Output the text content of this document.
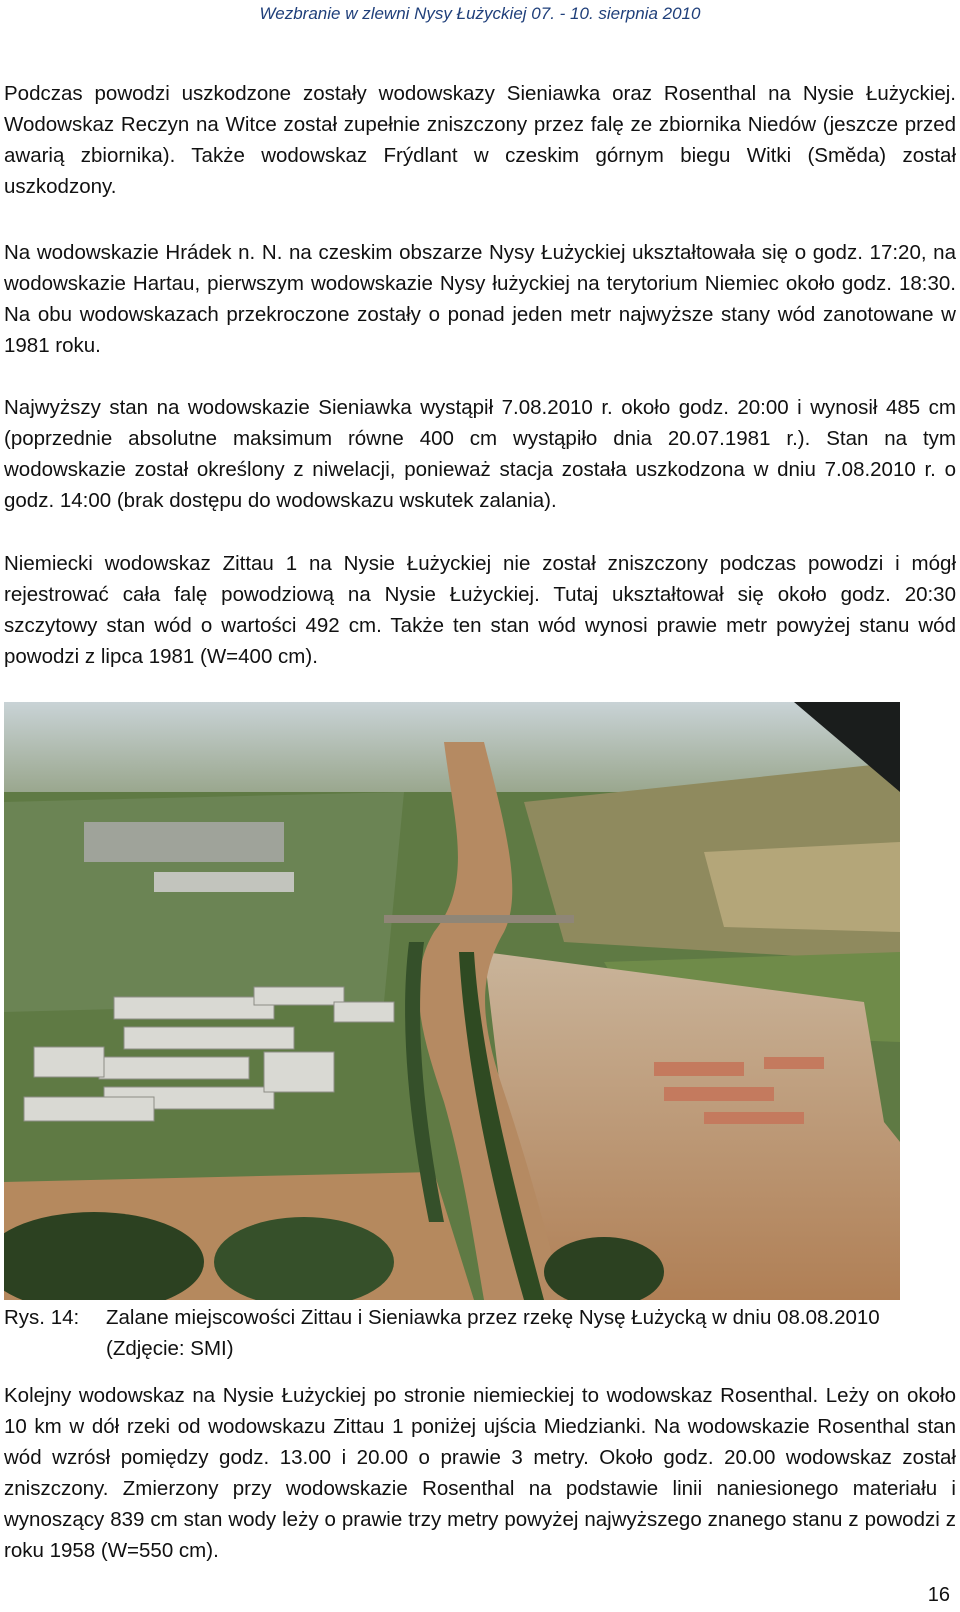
Wezbranie w zlewni Nysy Łużyckiej 07. - 10. sierpnia 2010

Podczas powodzi uszkodzone zostały wodowskazy Sieniawka oraz Rosenthal na Nysie Łużyckiej. Wodowskaz Reczyn na Witce został zupełnie zniszczony przez falę ze zbiornika Niedów (jeszcze przed awarią zbiornika). Także wodowskaz Frýdlant w czeskim górnym biegu Witki (Smĕda) został uszkodzony.

Na wodowskazie Hrádek n. N. na czeskim obszarze Nysy Łużyckiej ukształtowała się o godz. 17:20, na wodowskazie Hartau, pierwszym wodowskazie Nysy łużyckiej na terytorium Niemiec około godz. 18:30. Na obu wodowskazach przekroczone zostały o ponad jeden metr najwyższe stany wód zanotowane w 1981 roku.

Najwyższy stan na wodowskazie Sieniawka wystąpił 7.08.2010 r. około godz. 20:00 i wynosił 485 cm (poprzednie absolutne maksimum równe 400 cm wystąpiło dnia 20.07.1981 r.). Stan na tym wodowskazie został określony z niwelacji, ponieważ stacja została uszkodzona w dniu 7.08.2010 r. o godz. 14:00 (brak dostępu do wodowskazu wskutek zalania).

Niemiecki wodowskaz Zittau 1 na Nysie Łużyckiej nie został zniszczony podczas powodzi i mógł rejestrować cała falę powodziową na Nysie Łużyckiej. Tutaj ukształtował się około godz. 20:30 szczytowy stan wód o wartości 492 cm. Także ten stan wód wynosi prawie metr powyżej stanu wód powodzi z lipca 1981 (W=400 cm).

Rys. 14:	Zalane miejscowości Zittau i Sieniawka przez rzekę Nysę Łużycką w dniu 08.08.2010 (Zdjęcie: SMI)

Kolejny wodowskaz na Nysie Łużyckiej po stronie niemieckiej to wodowskaz Rosenthal. Leży on około 10 km w dół rzeki od wodowskazu Zittau 1 poniżej ujścia Miedzianki. Na wodowskazie Rosenthal stan wód wzrósł pomiędzy godz. 13.00 i 20.00 o prawie 3 metry. Około godz. 20.00 wodowskaz został zniszczony. Zmierzony przy wodowskazie Rosenthal na podstawie linii naniesionego materiału i wynoszący 839 cm stan wody leży o prawie trzy metry powyżej najwyższego znanego stanu z powodzi z roku 1958 (W=550 cm).

16
